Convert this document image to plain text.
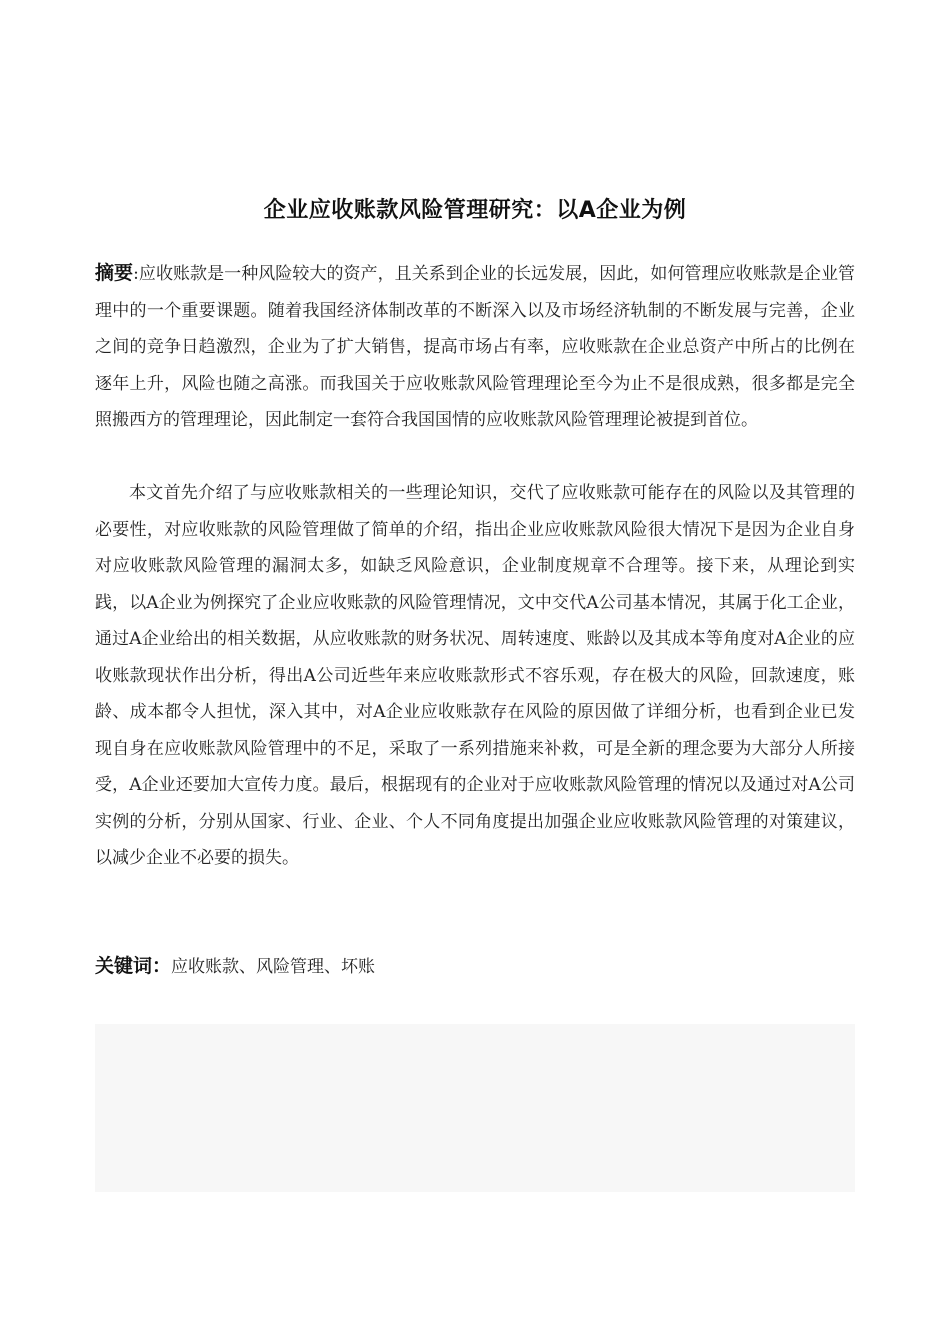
企业应收账款风险管理研究：以A企业为例

摘要:应收账款是一种风险较大的资产，且关系到企业的长远发展，因此，如何管理应收账款是企业管理中的一个重要课题。随着我国经济体制改革的不断深入以及市场经济轨制的不断发展与完善，企业之间的竞争日趋激烈，企业为了扩大销售，提高市场占有率，应收账款在企业总资产中所占的比例在逐年上升，风险也随之高涨。而我国关于应收账款风险管理理论至今为止不是很成熟，很多都是完全照搬西方的管理理论，因此制定一套符合我国国情的应收账款风险管理理论被提到首位。

本文首先介绍了与应收账款相关的一些理论知识，交代了应收账款可能存在的风险以及其管理的必要性，对应收账款的风险管理做了简单的介绍，指出企业应收账款风险很大情况下是因为企业自身对应收账款风险管理的漏洞太多，如缺乏风险意识，企业制度规章不合理等。接下来，从理论到实践，以A企业为例探究了企业应收账款的风险管理情况，文中交代A公司基本情况，其属于化工企业，通过A企业给出的相关数据，从应收账款的财务状况、周转速度、账龄以及其成本等角度对A企业的应收账款现状作出分析，得出A公司近些年来应收账款形式不容乐观，存在极大的风险，回款速度，账龄、成本都令人担忧，深入其中，对A企业应收账款存在风险的原因做了详细分析，也看到企业已发现自身在应收账款风险管理中的不足，采取了一系列措施来补救，可是全新的理念要为大部分人所接受，A企业还要加大宣传力度。最后，根据现有的企业对于应收账款风险管理的情况以及通过对A公司实例的分析，分别从国家、行业、企业、个人不同角度提出加强企业应收账款风险管理的对策建议，以减少企业不必要的损失。

关键词：应收账款、风险管理、坏账
